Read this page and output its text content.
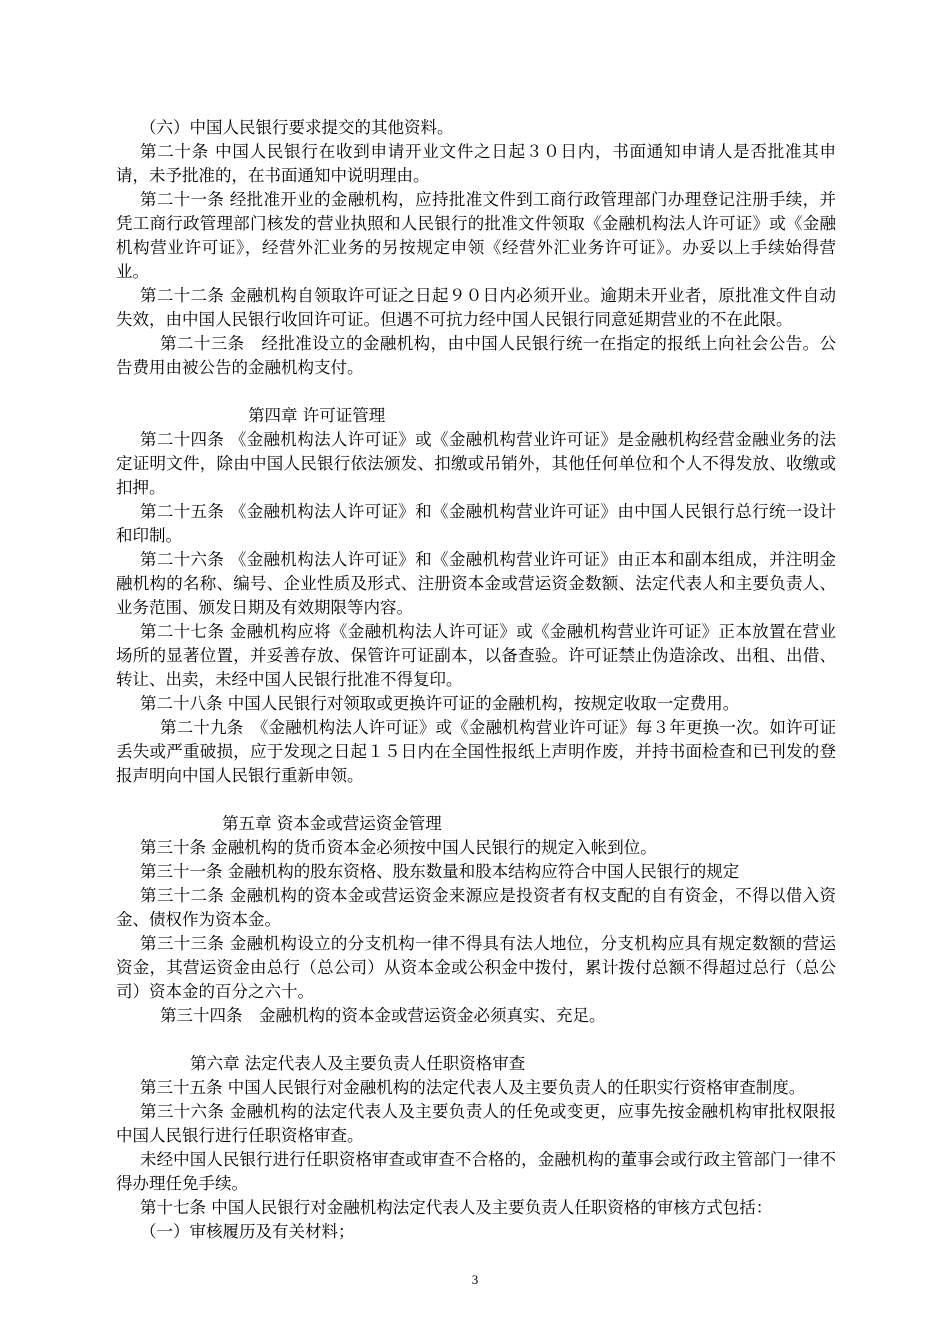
（六）中国人民银行要求提交的其他资料。

第二十条 中国人民银行在收到申请开业文件之日起３０日内，书面通知申请人是否批准其申请，未予批准的，在书面通知中说明理由。

第二十一条 经批准开业的金融机构，应持批准文件到工商行政管理部门办理登记注册手续，并凭工商行政管理部门核发的营业执照和人民银行的批准文件领取《金融机构法人许可证》或《金融机构营业许可证》，经营外汇业务的另按规定申领《经营外汇业务许可证》。办妥以上手续始得营业。

第二十二条 金融机构自领取许可证之日起９０日内必须开业。逾期未开业者，原批准文件自动失效，由中国人民银行收回许可证。但遇不可抗力经中国人民银行同意延期营业的不在此限。

第二十三条　经批准设立的金融机构，由中国人民银行统一在指定的报纸上向社会公告。公告费用由被公告的金融机构支付。

第四章 许可证管理

第二十四条 《金融机构法人许可证》或《金融机构营业许可证》是金融机构经营金融业务的法定证明文件，除由中国人民银行依法颁发、扣缴或吊销外，其他任何单位和个人不得发放、收缴或扣押。

第二十五条 《金融机构法人许可证》和《金融机构营业许可证》由中国人民银行总行统一设计和印制。

第二十六条 《金融机构法人许可证》和《金融机构营业许可证》由正本和副本组成，并注明金融机构的名称、编号、企业性质及形式、注册资本金或营运资金数额、法定代表人和主要负责人、业务范围、颁发日期及有效期限等内容。

第二十七条 金融机构应将《金融机构法人许可证》或《金融机构营业许可证》正本放置在营业场所的显著位置，并妥善存放、保管许可证副本，以备查验。许可证禁止伪造涂改、出租、出借、转让、出卖，未经中国人民银行批准不得复印。

第二十八条 中国人民银行对领取或更换许可证的金融机构，按规定收取一定费用。

第二十九条　《金融机构法人许可证》或《金融机构营业许可证》每３年更换一次。如许可证丢失或严重破损，应于发现之日起１５日内在全国性报纸上声明作废，并持书面检查和已刊发的登报声明向中国人民银行重新申领。

第五章 资本金或营运资金管理

第三十条 金融机构的货币资本金必须按中国人民银行的规定入帐到位。

第三十一条 金融机构的股东资格、股东数量和股本结构应符合中国人民银行的规定

第三十二条 金融机构的资本金或营运资金来源应是投资者有权支配的自有资金，不得以借入资金、债权作为资本金。

第三十三条 金融机构设立的分支机构一律不得具有法人地位，分支机构应具有规定数额的营运资金，其营运资金由总行（总公司）从资本金或公积金中拨付，累计拨付总额不得超过总行（总公司）资本金的百分之六十。

第三十四条　金融机构的资本金或营运资金必须真实、充足。

第六章 法定代表人及主要负责人任职资格审查

第三十五条 中国人民银行对金融机构的法定代表人及主要负责人的任职实行资格审查制度。

第三十六条 金融机构的法定代表人及主要负责人的任免或变更，应事先按金融机构审批权限报中国人民银行进行任职资格审查。

未经中国人民银行进行任职资格审查或审查不合格的，金融机构的董事会或行政主管部门一律不得办理任免手续。

第十七条 中国人民银行对金融机构法定代表人及主要负责人任职资格的审核方式包括：

（一）审核履历及有关材料；

3
